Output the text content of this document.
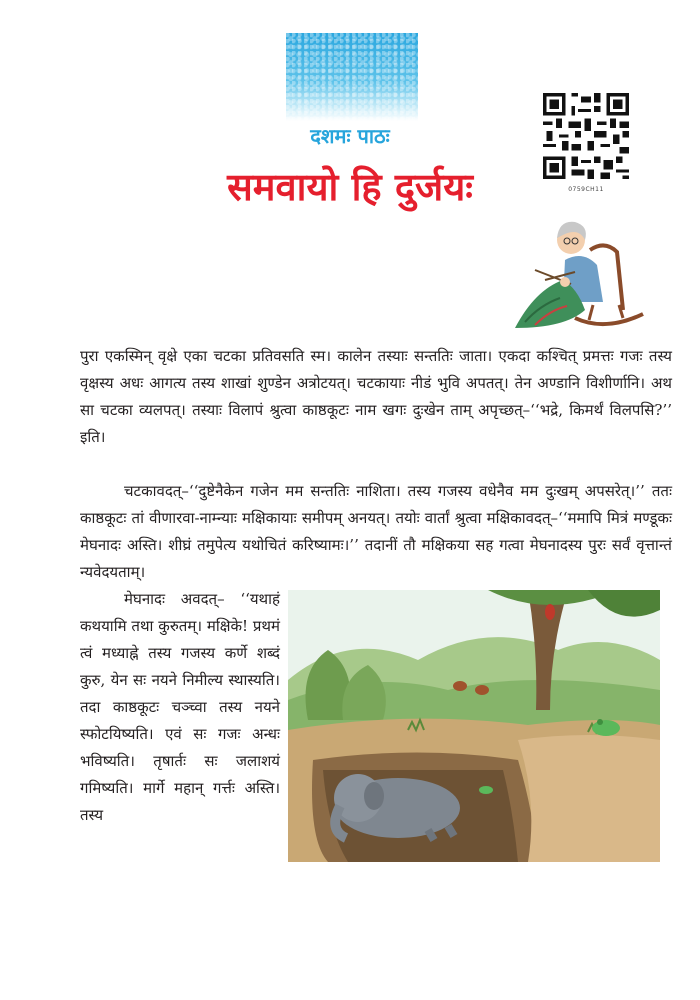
दशमः पाठः
समवायो हि दुर्जयः	0759CH11

पुरा एकस्मिन् वृक्षे एका चटका प्रतिवसति स्म। कालेन तस्याः सन्ततिः जाता। एकदा कश्चित् प्रमत्तः गजः तस्य वृक्षस्य अधः आगत्य तस्य शाखां शुण्डेन अत्रोटयत्। चटकायाः नीडं भुवि अपतत्। तेन अण्डानि विशीर्णानि। अथ सा चटका व्यलपत्। तस्याः विलापं श्रुत्वा काष्ठकूटः नाम खगः दुःखेन ताम् अपृच्छत्–‘‘भद्रे, किमर्थं विलपसि?’’ इति।

चटकावदत्–‘‘दुष्टेनैकेन गजेन मम सन्ततिः नाशिता। तस्य गजस्य वधेनैव मम दुःखम् अपसरेत्।’’ ततः काष्ठकूटः तां वीणारवा-नाम्न्याः मक्षिकायाः समीपम् अनयत्। तयोः वार्तां श्रुत्वा मक्षिकावदत्–‘‘ममापि मित्रं मण्डूकः मेघनादः अस्ति। शीघ्रं तमुपेत्य यथोचितं करिष्यामः।’’ तदानीं तौ मक्षिकया सह गत्वा मेघनादस्य पुरः सर्वं वृत्तान्तं न्यवेदयताम्।

मेघनादः अवदत्– ‘‘यथाहं कथयामि तथा कुरुतम्। मक्षिके! प्रथमं त्वं मध्याह्ने तस्य गजस्य कर्णे शब्दं कुरु, येन सः नयने निमील्य स्थास्यति। तदा काष्ठकूटः चञ्च्वा तस्य नयने स्फोटयिष्यति। एवं सः गजः अन्धः भविष्यति। तृषार्तः सः जलाशयं गमिष्यति। मार्गे महान् गर्त्तः अस्ति। तस्य
